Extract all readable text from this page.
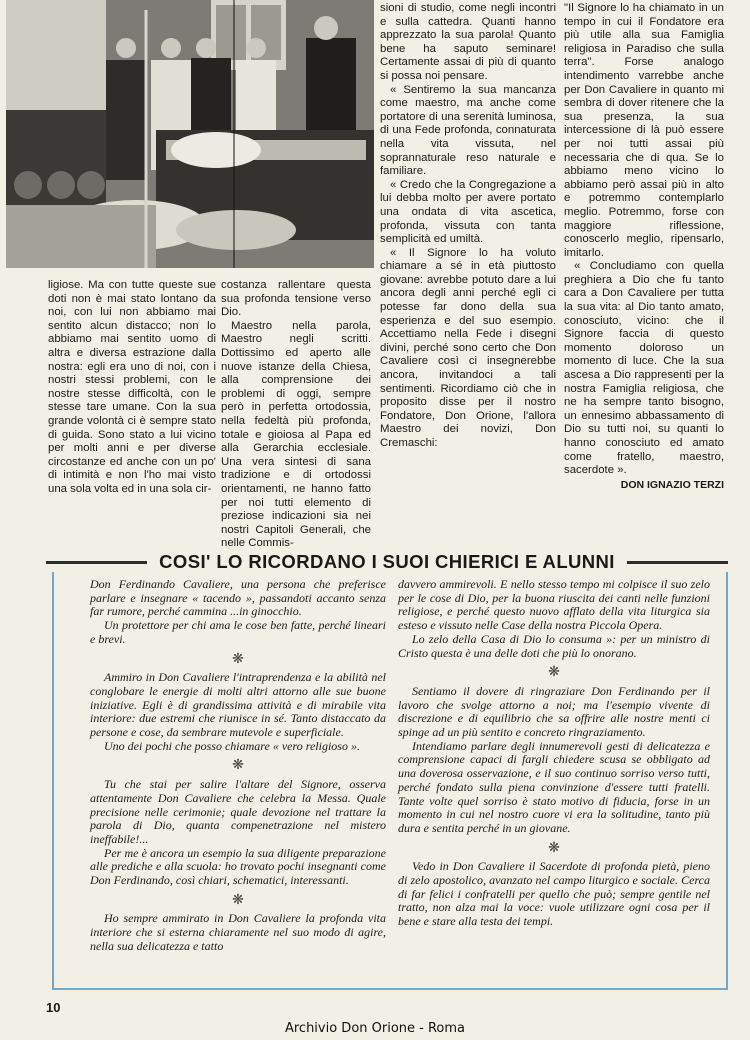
ligiose. Ma con tutte queste sue doti non è mai stato lontano da noi, con lui non abbiamo mai sentito alcun distacco; non lo abbiamo mai sentito uomo di altra e diversa estrazione dalla nostra: egli era uno di noi, con i nostri stessi problemi, con le nostre stesse difficoltà, con le stesse tare umane. Con la sua grande volontà ci è sempre stato di guida. Sono stato a lui vicino per molti anni e per diverse circostanze ed anche con un po' di intimità e non l'ho mai visto una sola volta ed in una sola cir-

costanza rallentare questa sua profonda tensione verso Dio.

Maestro nella parola, Maestro negli scritti. Dottissimo ed aperto alle nuove istanze della Chiesa, alla comprensione dei problemi di oggi, sempre però in perfetta ortodossia, nella fedeltà più profonda, totale e gioiosa al Papa ed alla Gerarchia ecclesiale. Una vera sintesi di sana tradizione e di ortodossi orientamenti, ne hanno fatto per noi tutti elemento di preziose indicazioni sia nei nostri Capitoli Generali, che nelle Commis-

sioni di studio, come negli incontri e sulla cattedra. Quanti hanno apprezzato la sua parola! Quanto bene ha saputo seminare! Certamente assai di più di quanto si possa noi pensare.

« Sentiremo la sua mancanza come maestro, ma anche come portatore di una serenità luminosa, di una Fede profonda, connaturata nella vita vissuta, nel soprannaturale reso naturale e familiare.

« Credo che la Congregazione a lui debba molto per avere portato una ondata di vita ascetica, profonda, vissuta con tanta semplicità ed umiltà.

« Il Signore lo ha voluto chiamare a sé in età piuttosto giovane: avrebbe potuto dare a lui ancora degli anni perché egli ci potesse far dono della sua esperienza e del suo esempio. Accettiamo nella Fede i disegni divini, perché sono certo che Don Cavaliere così ci insegnerebbe ancora, invitandoci a tali sentimenti. Ricordiamo ciò che in proposito disse per il nostro Fondatore, Don Orione, l'allora Maestro dei novizi, Don Cremaschi:

"Il Signore lo ha chiamato in un tempo in cui il Fondatore era più utile alla sua Famiglia religiosa in Paradiso che sulla terra". Forse analogo intendimento varrebbe anche per Don Cavaliere in quanto mi sembra di dover ritenere che la sua presenza, la sua intercessione di là può essere per noi tutti assai più necessaria che di qua. Se lo abbiamo meno vicino lo abbiamo però assai più in alto e potremmo contemplarlo meglio. Potremmo, forse con maggiore riflessione, conoscerlo meglio, ripensarlo, imitarlo.

« Concludiamo con quella preghiera a Dio che fu tanto cara a Don Cavaliere per tutta la sua vita: al Dio tanto amato, conosciuto, vicino: che il Signore faccia di questo momento doloroso un momento di luce. Che la sua ascesa a Dio rappresenti per la nostra Famiglia religiosa, che ne ha sempre tanto bisogno, un ennesimo abbassamento di Dio su tutti noi, su quanti lo hanno conosciuto ed amato come fratello, maestro, sacerdote ».

DON IGNAZIO TERZI
COSI' LO RICORDANO I SUOI CHIERICI E ALUNNI

Don Ferdinando Cavaliere, una persona che preferisce parlare e insegnare « tacendo », passandoti accanto senza far rumore, perché cammina ...in ginocchio.

Un protettore per chi ama le cose ben fatte, perché lineari e brevi.

❋

Ammiro in Don Cavaliere l'intraprendenza e la abilità nel conglobare le energie di molti altri attorno alle sue buone iniziative. Egli è di grandissima attività e di mirabile vita interiore: due estremi che riunisce in sé. Tanto distaccato da persone e cose, da sembrare mutevole e superficiale.

Uno dei pochi che posso chiamare « vero religioso ».

❋

Tu che stai per salire l'altare del Signore, osserva attentamente Don Cavaliere che celebra la Messa. Quale precisione nelle cerimonie; quale devozione nel trattare la parola di Dio, quanta compenetrazione nel mistero ineffabile!...

Per me è ancora un esempio la sua diligente preparazione alle prediche e alla scuola: ho trovato pochi insegnanti come Don Ferdinando, così chiari, schematici, interessanti.

❋

Ho sempre ammirato in Don Cavaliere la profonda vita interiore che si esterna chiaramente nel suo modo di agire, nella sua delicatezza e tatto

davvero ammirevoli. E nello stesso tempo mi colpisce il suo zelo per le cose di Dio, per la buona riuscita dei canti nelle funzioni religiose, e perché questo nuovo afflato della vita liturgica sia esteso e vissuto nelle Case della nostra Piccola Opera.

Lo zelo della Casa di Dio lo consuma »: per un ministro di Cristo questa è una delle doti che più lo onorano.

❋

Sentiamo il dovere di ringraziare Don Ferdinando per il lavoro che svolge attorno a noi; ma l'esempio vivente di discrezione e di equilibrio che sa offrire alle nostre menti ci spinge ad un più sentito e concreto ringraziamento.

Intendiamo parlare degli innumerevoli gesti di delicatezza e comprensione capaci di fargli chiedere scusa se obbligato ad una doverosa osservazione, e il suo continuo sorriso verso tutti, perché fondato sulla piena convinzione d'essere tutti fratelli. Tante volte quel sorriso è stato motivo di fiducia, forse in un momento in cui nel nostro cuore vi era la solitudine, tanto più dura e sentita perché in un giovane.

❋

Vedo in Don Cavaliere il Sacerdote di profonda pietà, pieno di zelo apostolico, avanzato nel campo liturgico e sociale. Cerca di far felici i confratelli per quello che può; sempre gentile nel tratto, non alza mai la voce: vuole utilizzare ogni cosa per il bene e stare alla testa dei tempi.

10
Archivio Don Orione - Roma
